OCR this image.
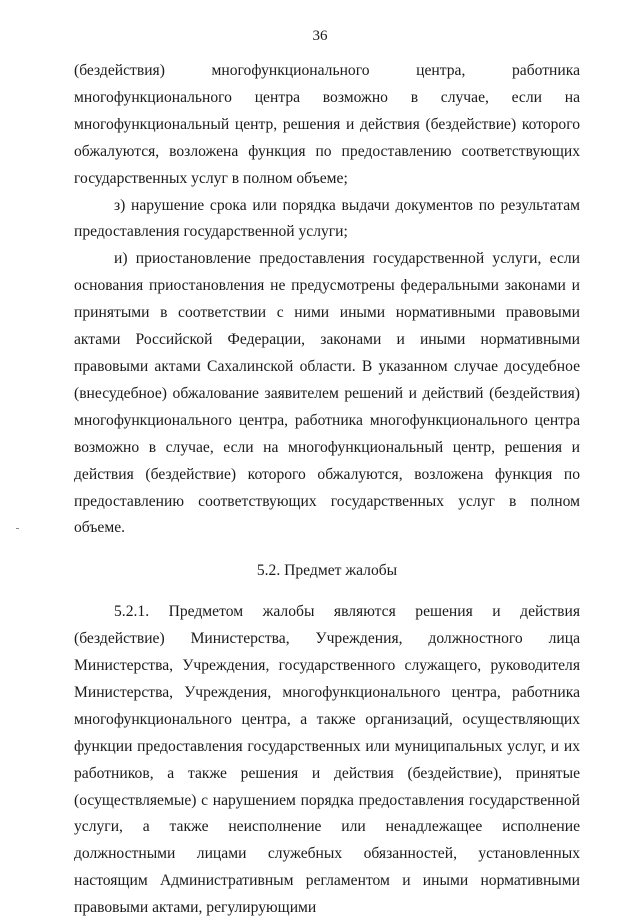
36

(бездействия) многофункционального центра, работника многофункционального центра возможно в случае, если на многофункциональный центр, решения и действия (бездействие) которого обжалуются, возложена функция по предоставлению соответствующих государственных услуг в полном объеме;

з) нарушение срока или порядка выдачи документов по результатам предоставления государственной услуги;

и) приостановление предоставления государственной услуги, если основания приостановления не предусмотрены федеральными законами и принятыми в соответствии с ними иными нормативными правовыми актами Российской Федерации, законами и иными нормативными правовыми актами Сахалинской области. В указанном случае досудебное (внесудебное) обжалование заявителем решений и действий (бездействия) многофункционального центра, работника многофункционального центра возможно в случае, если на многофункциональный центр, решения и действия (бездействие) которого обжалуются, возложена функция по предоставлению соответствующих государственных услуг в полном объеме.

5.2. Предмет жалобы

5.2.1. Предметом жалобы являются решения и действия (бездействие) Министерства, Учреждения, должностного лица Министерства, Учреждения, государственного служащего, руководителя Министерства, Учреждения, многофункционального центра, работника многофункционального центра, а также организаций, осуществляющих функции предоставления государственных или муниципальных услуг, и их работников, а также решения и действия (бездействие), принятые (осуществляемые) с нарушением порядка предоставления государственной услуги, а также неисполнение или ненадлежащее исполнение должностными лицами служебных обязанностей, установленных настоящим Административным регламентом и иными нормативными правовыми актами, регулирующими
